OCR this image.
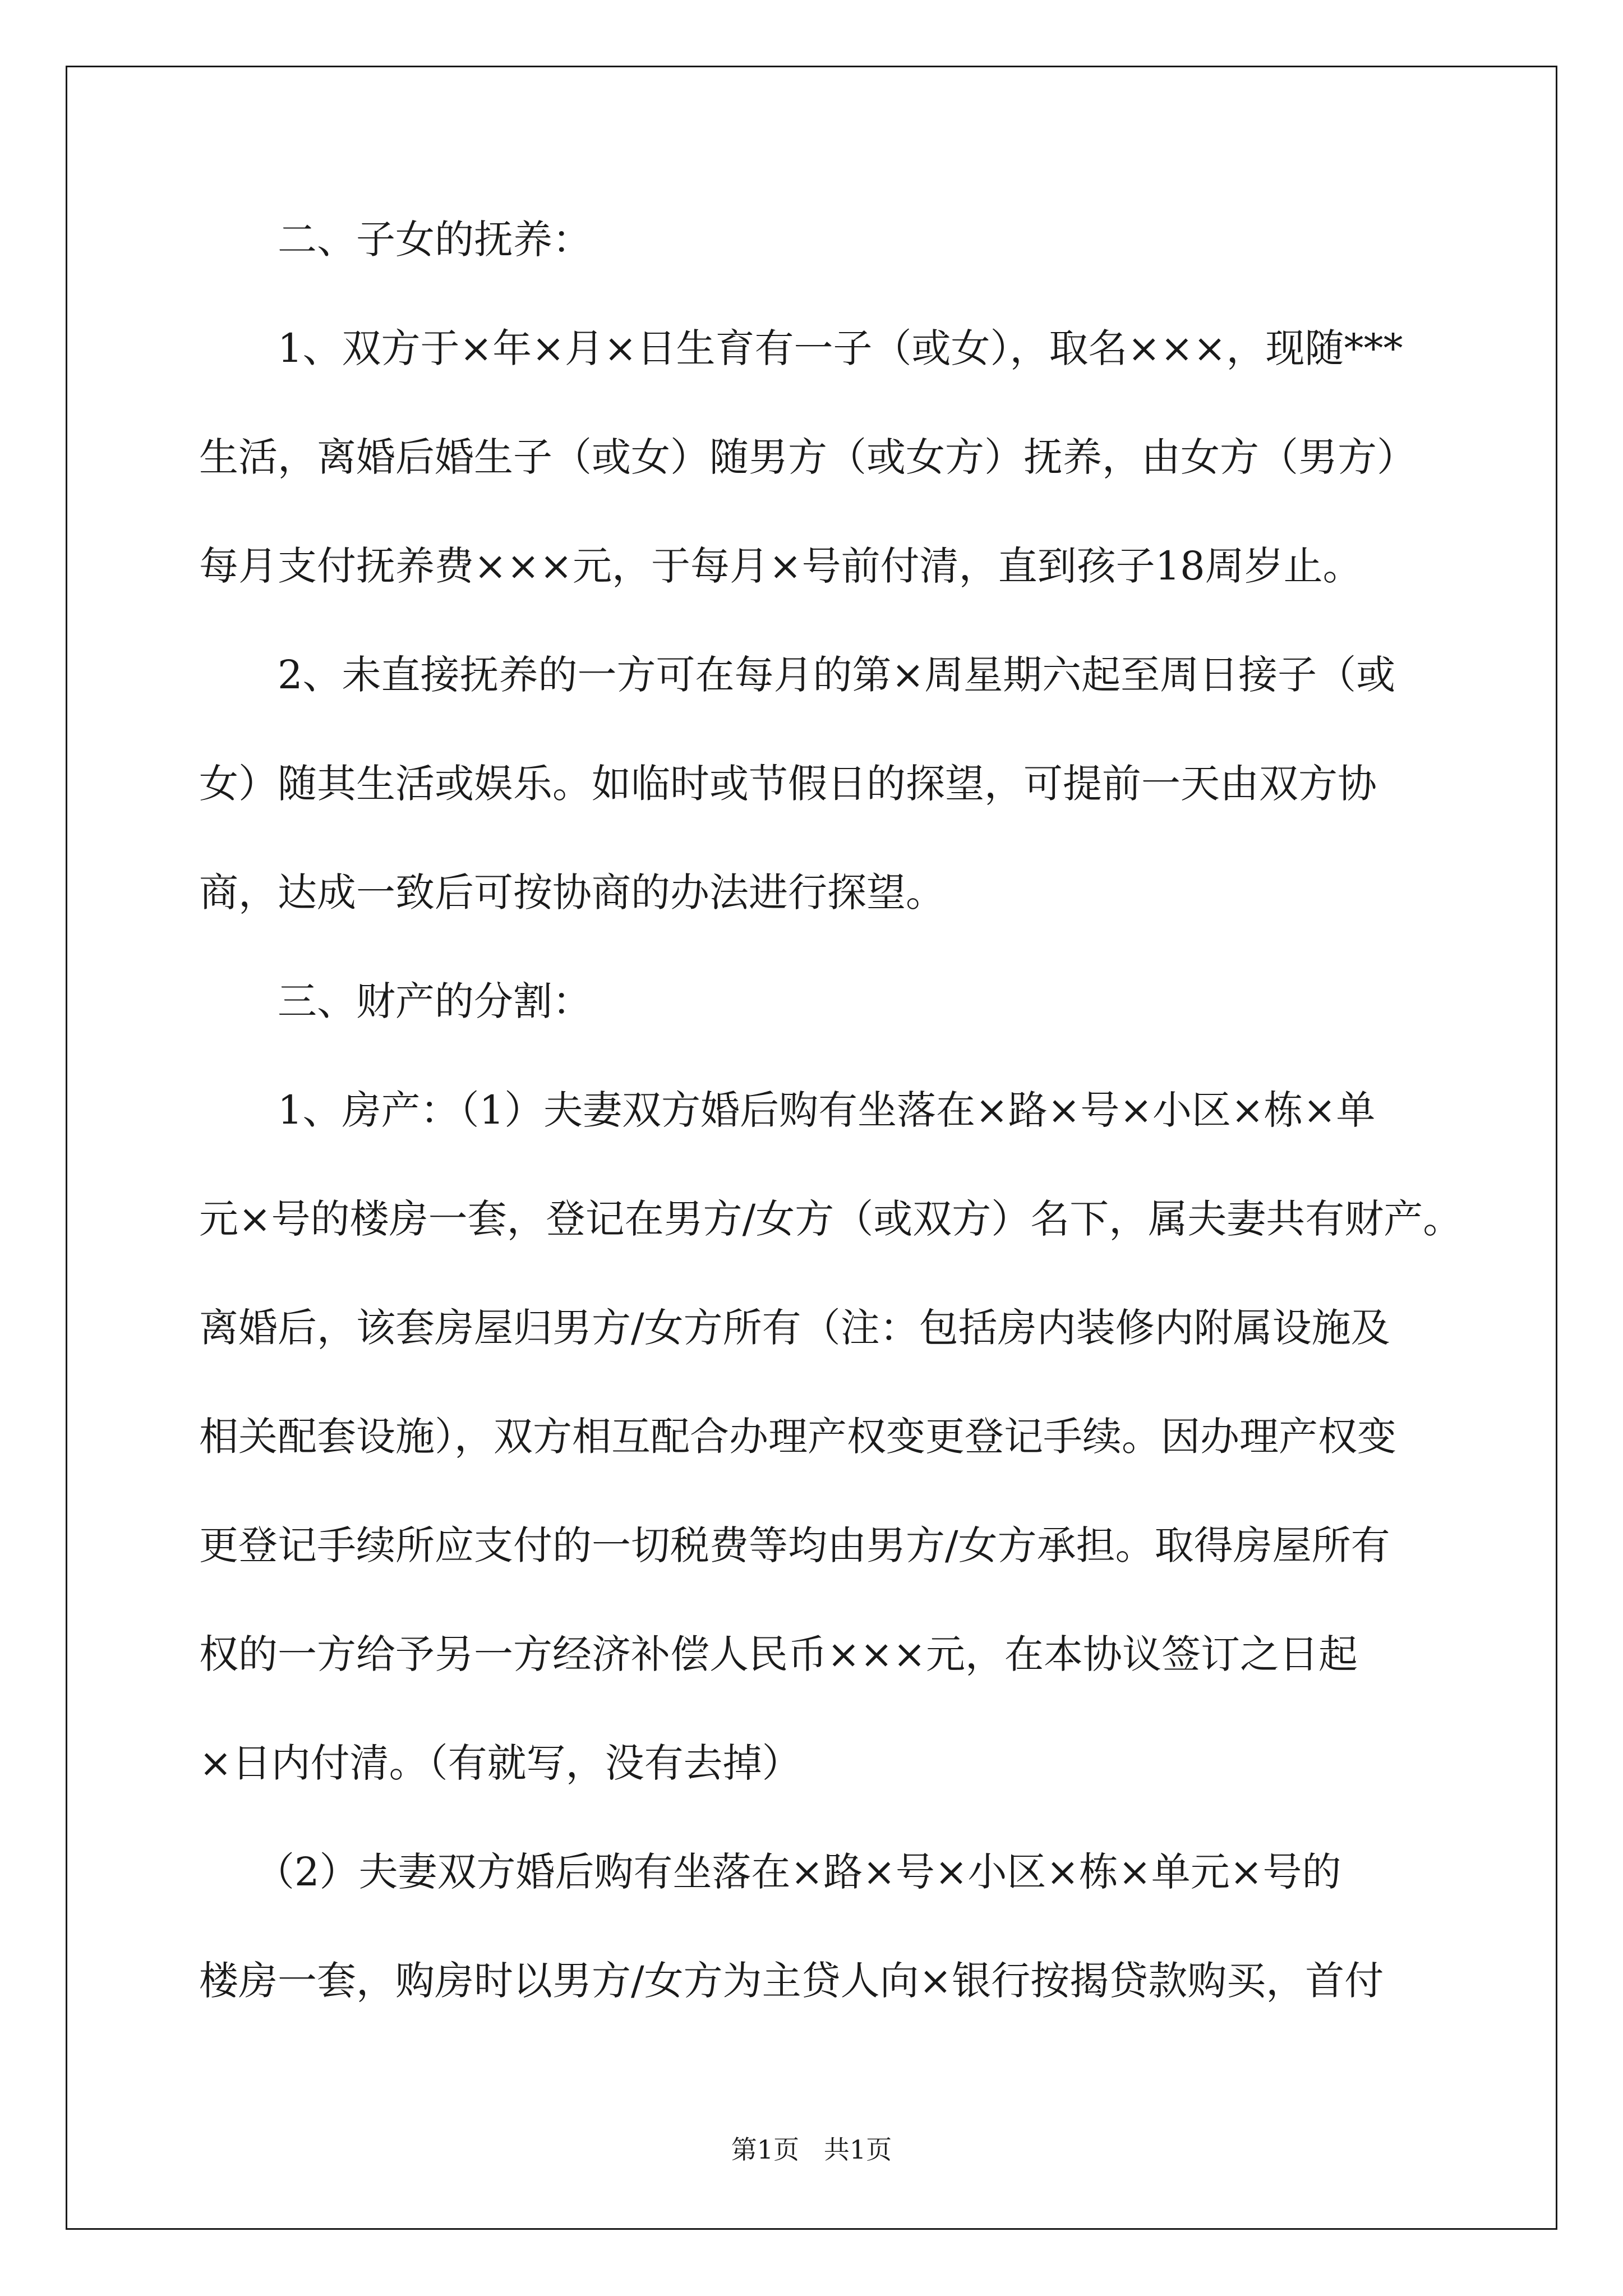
二、子女的抚养：
1、双方于×年×月×日生育有一子（或女），取名×××，现随***
生活，离婚后婚生子（或女）随男方（或女方）抚养，由女方（男方）
每月支付抚养费×××元，于每月×号前付清，直到孩子18周岁止。
2、未直接抚养的一方可在每月的第×周星期六起至周日接子（或
女）随其生活或娱乐。如临时或节假日的探望，可提前一天由双方协
商，达成一致后可按协商的办法进行探望。
三、财产的分割：
1、房产：（1）夫妻双方婚后购有坐落在×路×号×小区×栋×单
元×号的楼房一套，登记在男方/女方（或双方）名下，属夫妻共有财产。
离婚后，该套房屋归男方/女方所有（注：包括房内装修内附属设施及
相关配套设施），双方相互配合办理产权变更登记手续。因办理产权变
更登记手续所应支付的一切税费等均由男方/女方承担。取得房屋所有
权的一方给予另一方经济补偿人民币×××元，在本协议签订之日起
×日内付清。（有就写，没有去掉）
（2）夫妻双方婚后购有坐落在×路×号×小区×栋×单元×号的
楼房一套，购房时以男方/女方为主贷人向×银行按揭贷款购买，首付
第1页   共1页
